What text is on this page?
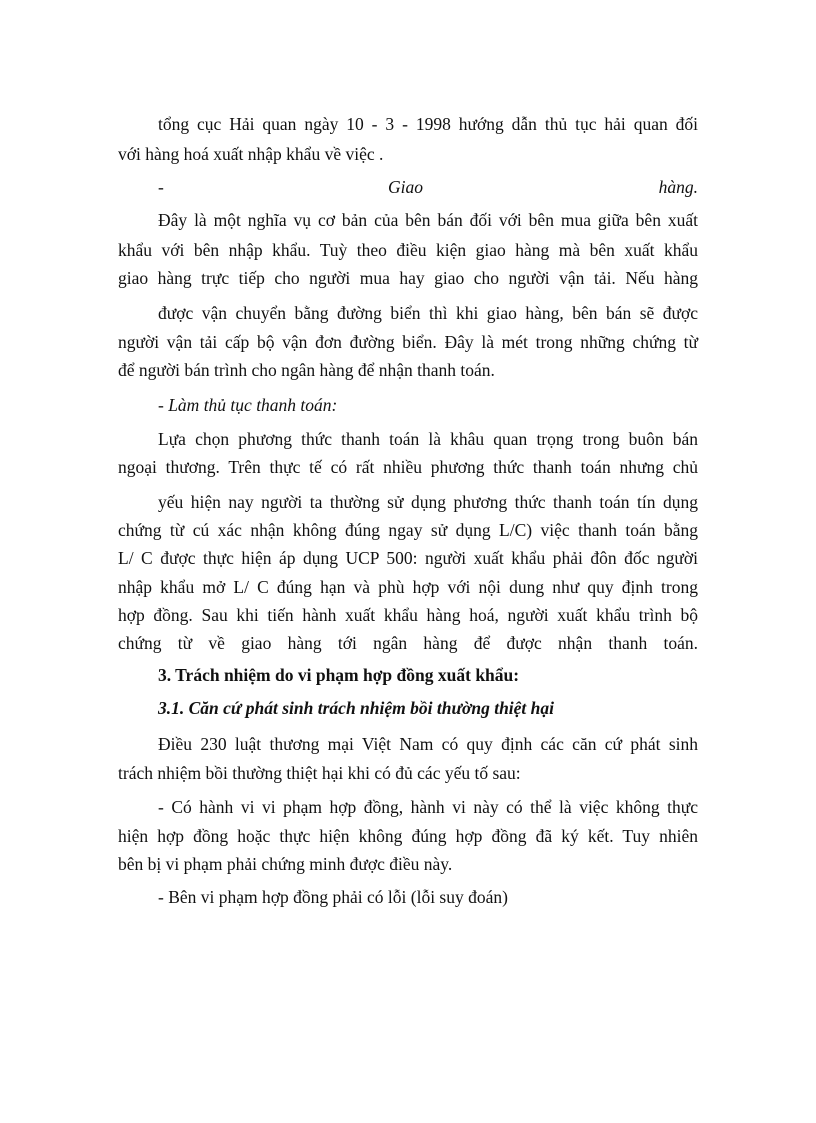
tổng cục Hải quan ngày 10 - 3 - 1998 hướng dẫn thủ tục hải quan đối
với hàng hoá xuất nhập khẩu về việc .
-	Giao	hàng.
Đây là một nghĩa vụ cơ bản của bên bán đối với bên mua giữa bên xuất
khẩu với bên nhập khẩu. Tuỳ theo điều kiện giao hàng mà bên xuất khẩu
giao hàng trực tiếp cho người mua hay giao cho người vận tải. Nếu hàng
được vận chuyển bằng đường biển thì khi giao hàng, bên bán sẽ được
người vận tải cấp bộ vận đơn đường biển. Đây là mét trong những chứng từ
để người bán trình cho ngân hàng để nhận thanh toán.
- Làm thủ tục thanh toán:
Lựa chọn phương thức thanh toán là khâu quan trọng trong buôn bán
ngoại thương. Trên thực tế có rất nhiều phương thức thanh toán nhưng chủ
yếu hiện nay người ta thường sử dụng phương thức thanh toán tín dụng
chứng từ cú xác nhận không đúng ngay sử dụng L/C) việc thanh toán bằng
L/ C được thực hiện áp dụng UCP 500: người xuất khẩu phải đôn đốc người
nhập khẩu mở L/ C đúng hạn và phù hợp với nội dung như quy định trong
hợp đồng. Sau khi tiến hành xuất khẩu hàng hoá, người xuất khẩu trình bộ
chứng từ về giao hàng tới ngân hàng để được nhận thanh toán.
3. Trách nhiệm do vi phạm hợp đồng xuất khẩu:
3.1. Căn cứ phát sinh trách nhiệm bồi thường thiệt hại
Điều 230 luật thương mại Việt Nam có quy định các căn cứ phát sinh
trách nhiệm bồi thường thiệt hại khi có đủ các yếu tố sau:
- Có hành vi vi phạm hợp đồng, hành vi này có thể là việc không thực
hiện hợp đồng hoặc thực hiện không đúng hợp đồng đã ký kết. Tuy nhiên
bên bị vi phạm phải chứng minh được điều này.
- Bên vi phạm hợp đồng phải có lỗi (lỗi suy đoán)
